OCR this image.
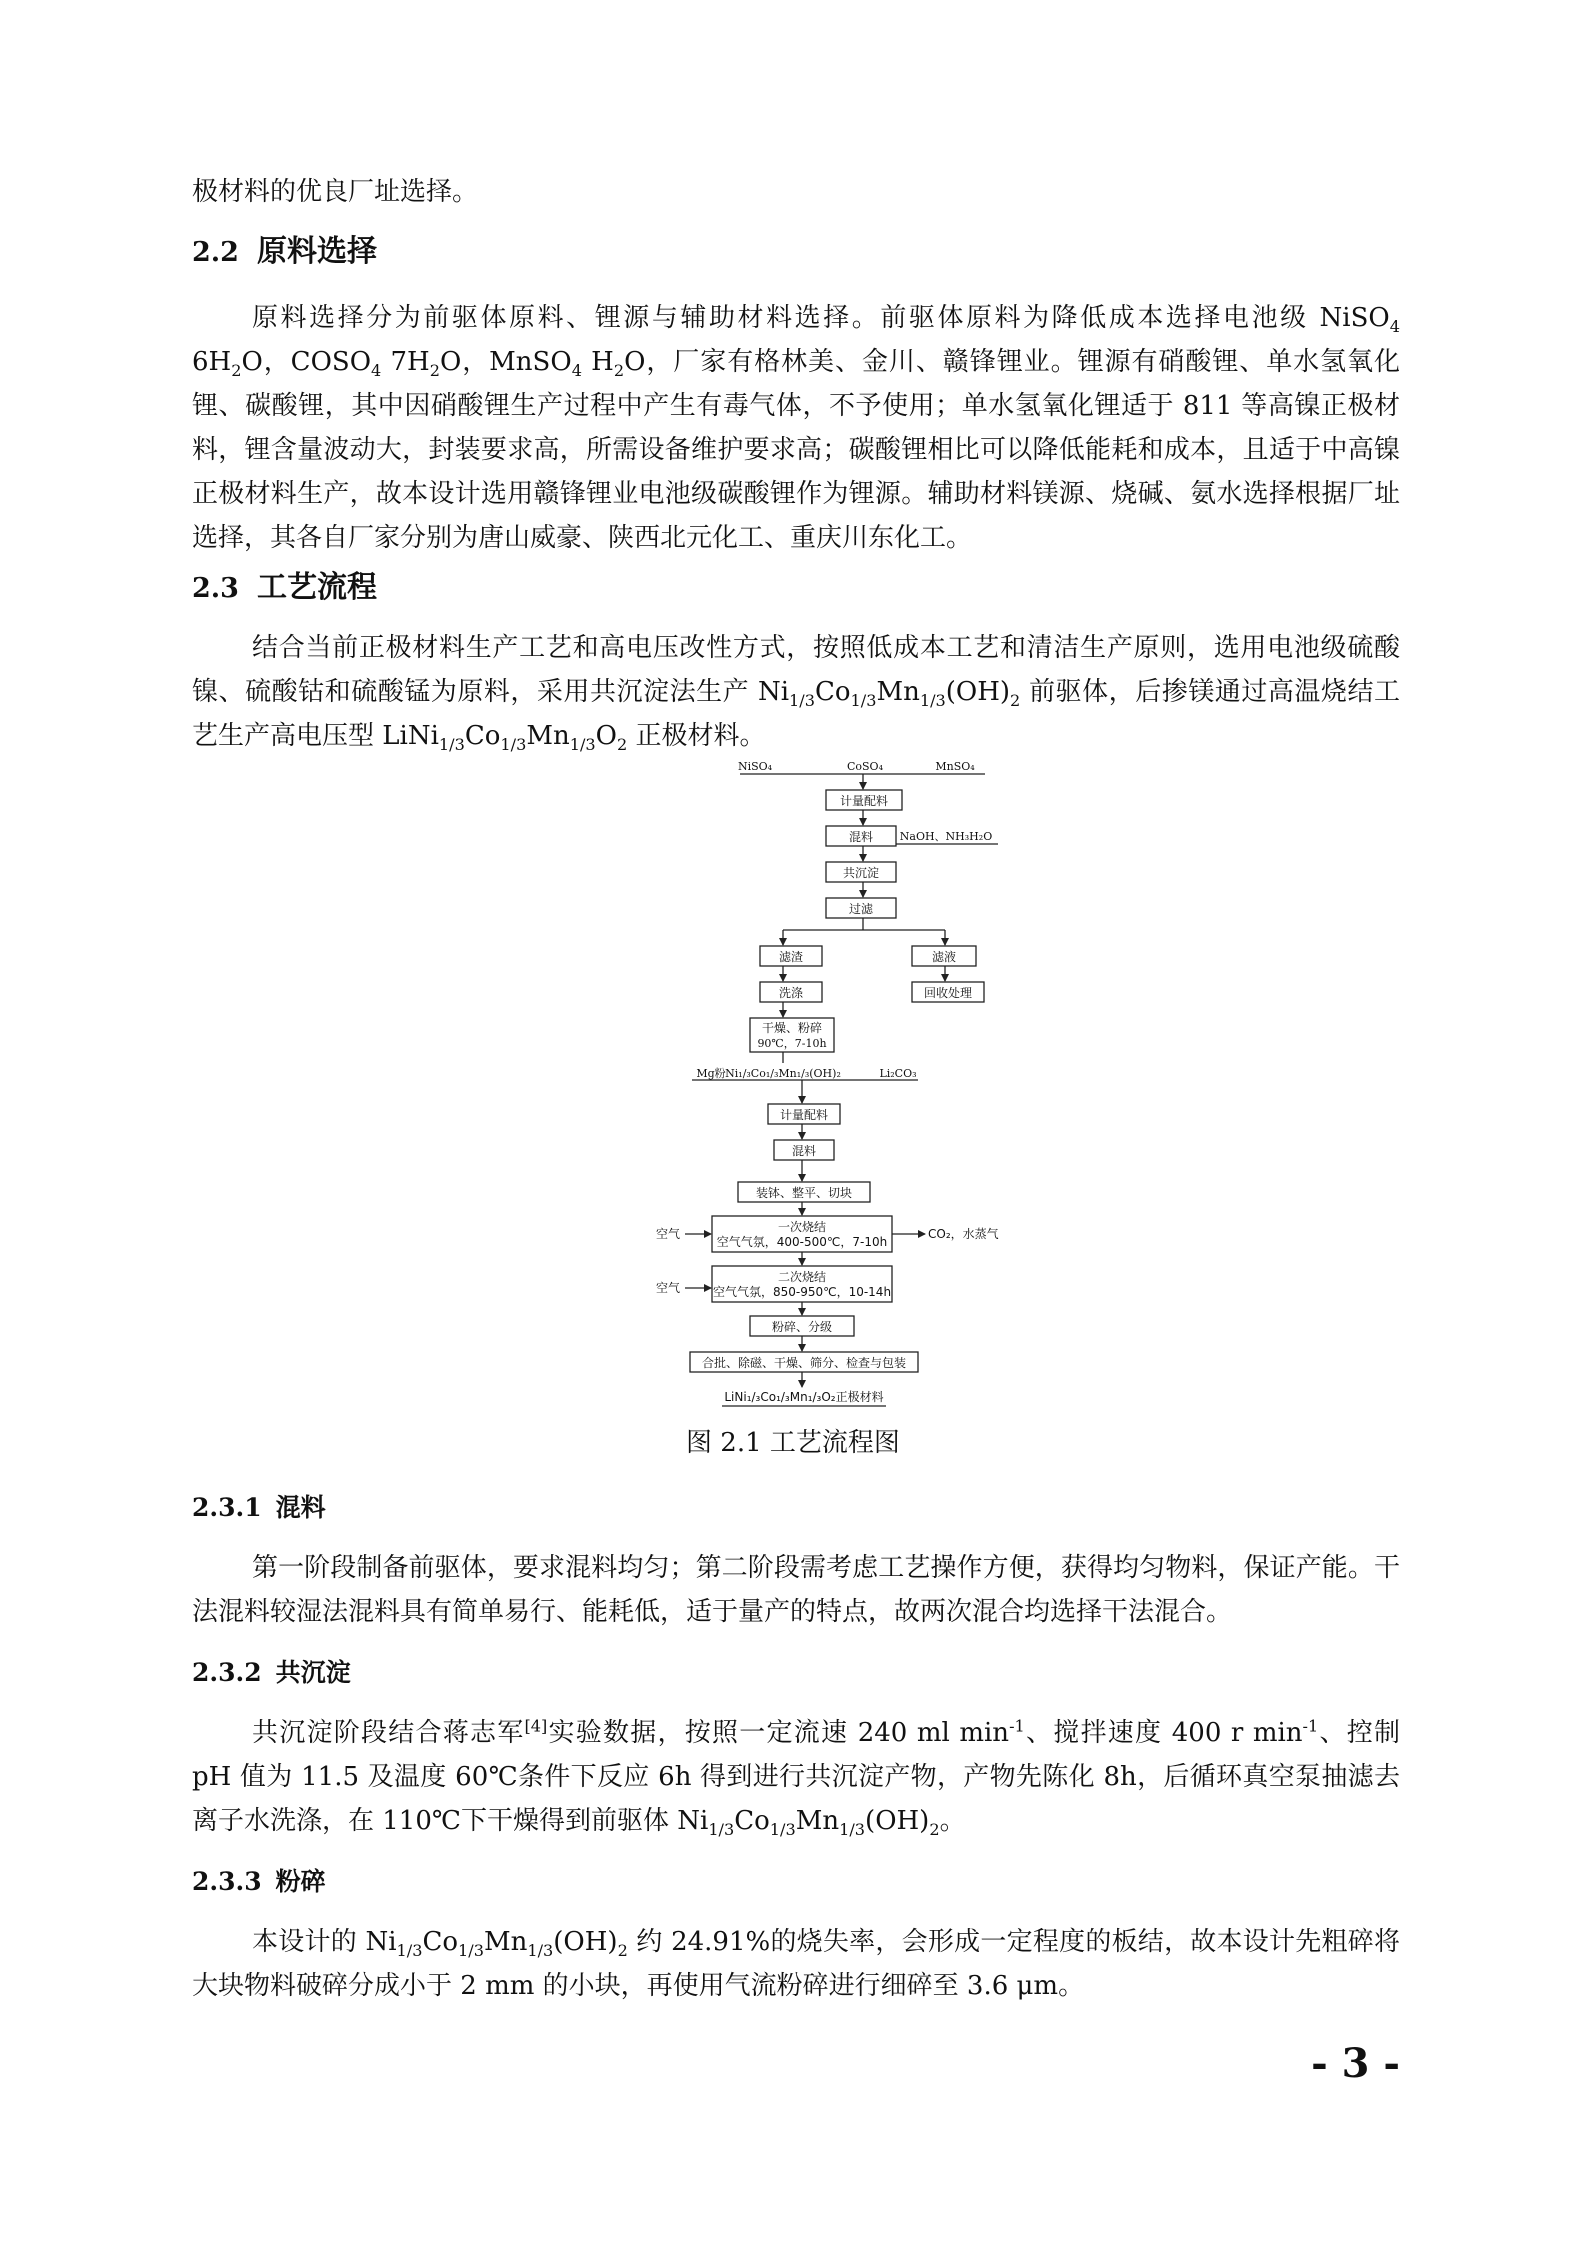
极材料的优良厂址选择。

2.2 原料选择

原料选择分为前驱体原料、锂源与辅助材料选择。前驱体原料为降低成本选择电池级 NiSO$_4$ $6H_2O$，$COSO_4$ $7H_2O$，MnSO$_4$ $H_2O$，厂家有格林美、金川、赣锋锂业。锂源有硝酸锂、单水氢氧化锂、碳酸锂，其中因硝酸锂生产过程中产生有毒气体，不予使用；单水氢氧化锂适于 811 等高镍正极材料，锂含量波动大，封装要求高，所需设备维护要求高；碳酸锂相比可以降低能耗和成本，且适于中高镍正极材料生产，故本设计选用赣锋锂业电池级碳酸锂作为锂源。辅助材料镁源、烧碱、氨水选择根据厂址选择，其各自厂家分别为唐山威豪、陕西北元化工、重庆川东化工。

2.3 工艺流程

结合当前正极材料生产工艺和高电压改性方式，按照低成本工艺和清洁生产原则，选用电池级硫酸镍、硫酸钴和硫酸锰为原料，采用共沉淀法生产 $Ni_{1/3}Co_{1/3}Mn_{1/3}(OH)_2$ 前驱体，后掺镁通过高温烧结工艺生产高电压型 $LiNi_{1/3}Co_{1/3}Mn_{1/3}O_2$ 正极材料。

NiSO₄	CoSO₄	MnSO₄
计量配料
混料 NaOH、NH₃H₂O
共沉淀
过滤
滤渣	滤液
洗涤	回收处理
干燥、粉碎
90℃，7-10h
Mg粉 Ni₁/₃Co₁/₃Mn₁/₃(OH)₂	Li₂CO₃
计量配料
混料
装钵、整平、切块
一次烧结
空气气氛，400-500℃，7-10h
空气	CO₂，水蒸气
二次烧结
空气气氛，850-950℃，10-14h
空气
粉碎、分级
合批、除磁、干燥、筛分、检查与包装
LiNi₁/₃Co₁/₃Mn₁/₃O₂正极材料
图 2.1 工艺流程图
2.3.1 混料

第一阶段制备前驱体，要求混料均匀；第二阶段需考虑工艺操作方便，获得均匀物料，保证产能。干法混料较湿法混料具有简单易行、能耗低，适于量产的特点，故两次混合均选择干法混合。

2.3.2 共沉淀

共沉淀阶段结合蒋志军[4]实验数据，按照一定流速 240 ml $\min^{-1}$、搅拌速度 400 r $\min^{-1}$、控制 pH 值为 11.5 及温度 60℃条件下反应 6h 得到进行共沉淀产物，产物先陈化 8h，后循环真空泵抽滤去离子水洗涤，在 110℃下干燥得到前驱体 $Ni_{1/3}Co_{1/3}Mn_{1/3}(OH)_2$。

2.3.3 粉碎

本设计的 $Ni_{1/3}Co_{1/3}Mn_{1/3}(OH)_2$ 约 24.91%的烧失率，会形成一定程度的板结，故本设计先粗碎将大块物料破碎分成小于 2 mm 的小块，再使用气流粉碎进行细碎至 3.6 μm。

- 3 -
